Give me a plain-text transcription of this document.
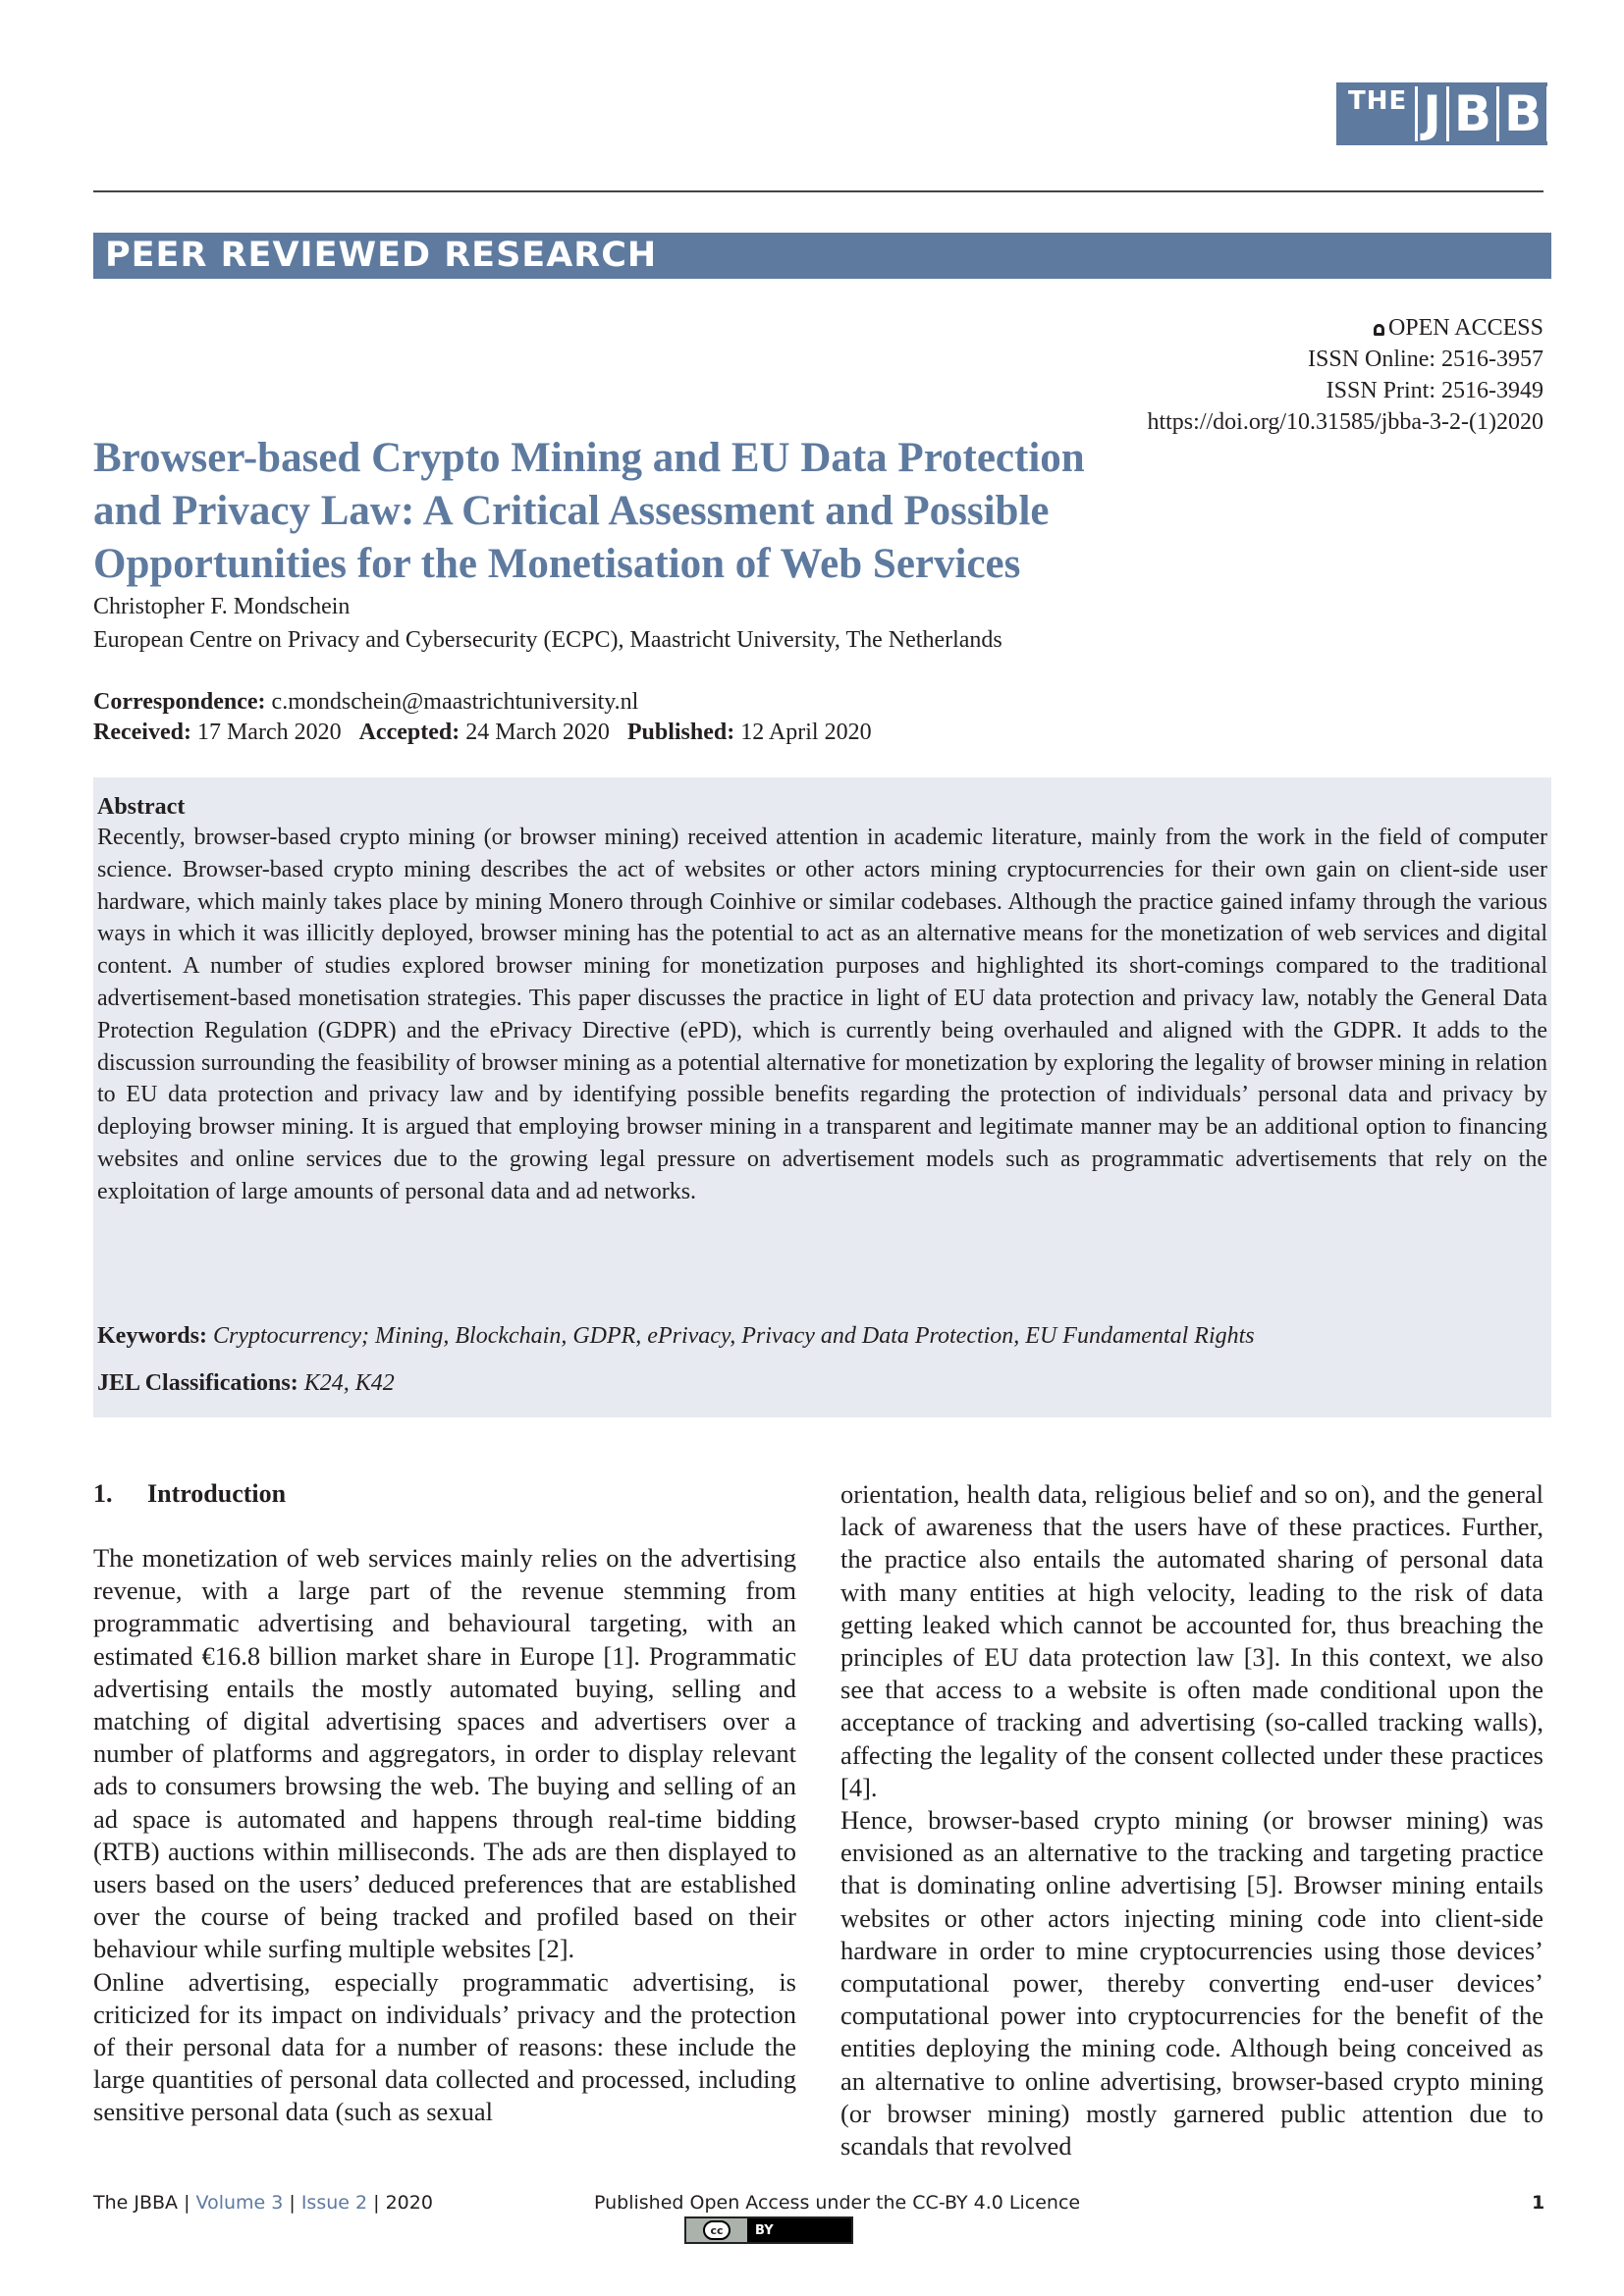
THE J B B A
PEER REVIEWED RESEARCH
OPEN ACCESS
ISSN Online: 2516-3957
ISSN Print: 2516-3949
https://doi.org/10.31585/jbba-3-2-(1)2020
Browser-based Crypto Mining and EU Data Protection
and Privacy Law: A Critical Assessment and Possible
Opportunities for the Monetisation of Web Services
Christopher F. Mondschein
European Centre on Privacy and Cybersecurity (ECPC), Maastricht University, The Netherlands
Correspondence: c.mondschein@maastrichtuniversity.nl
Received: 17 March 2020 Accepted: 24 March 2020 Published: 12 April 2020

Abstract

Recently, browser-based crypto mining (or browser mining) received attention in academic literature, mainly from the work in the field of computer science. Browser-based crypto mining describes the act of websites or other actors mining cryptocurrencies for their own gain on client-side user hardware, which mainly takes place by mining Monero through Coinhive or similar codebases. Although the practice gained infamy through the various ways in which it was illicitly deployed, browser mining has the potential to act as an alternative means for the monetization of web services and digital content. A number of studies explored browser mining for monetization purposes and highlighted its short-comings compared to the traditional advertisement-based monetisation strategies. This paper discusses the practice in light of EU data protection and privacy law, notably the General Data Protection Regulation (GDPR) and the ePrivacy Directive (ePD), which is currently being overhauled and aligned with the GDPR. It adds to the discussion surrounding the feasibility of browser mining as a potential alternative for monetization by exploring the legality of browser mining in relation to EU data protection and privacy law and by identifying possible benefits regarding the protection of individuals’ personal data and privacy by deploying browser mining. It is argued that employing browser mining in a transparent and legitimate manner may be an additional option to financing websites and online services due to the growing legal pressure on advertisement models such as programmatic advertisements that rely on the exploitation of large amounts of personal data and ad networks.

Keywords: Cryptocurrency; Mining, Blockchain, GDPR, ePrivacy, Privacy and Data Protection, EU Fundamental Rights
JEL Classifications: K24, K42

1. Introduction

The monetization of web services mainly relies on the advertising revenue, with a large part of the revenue stemming from programmatic advertising and behavioural targeting, with an estimated €16.8 billion market share in Europe [1]. Programmatic advertising entails the mostly automated buying, selling and matching of digital advertising spaces and advertisers over a number of platforms and aggregators, in order to display relevant ads to consumers browsing the web. The buying and selling of an ad space is automated and happens through real-time bidding (RTB) auctions within milliseconds. The ads are then displayed to users based on the users’ deduced preferences that are established over the course of being tracked and profiled based on their behaviour while surfing multiple websites [2].

Online advertising, especially programmatic advertising, is criticized for its impact on individuals’ privacy and the protection of their personal data for a number of reasons: these include the large quantities of personal data collected and processed, including sensitive personal data (such as sexual

orientation, health data, religious belief and so on), and the general lack of awareness that the users have of these practices. Further, the practice also entails the automated sharing of personal data with many entities at high velocity, leading to the risk of data getting leaked which cannot be accounted for, thus breaching the principles of EU data protection law [3]. In this context, we also see that access to a website is often made conditional upon the acceptance of tracking and advertising (so-called tracking walls), affecting the legality of the consent collected under these practices [4].

Hence, browser-based crypto mining (or browser mining) was envisioned as an alternative to the tracking and targeting practice that is dominating online advertising [5]. Browser mining entails websites or other actors injecting mining code into client-side hardware in order to mine cryptocurrencies using those devices’ computational power, thereby converting end-user devices’ computational power into cryptocurrencies for the benefit of the entities deploying the mining code. Although being conceived as an alternative to online advertising, browser-based crypto mining (or browser mining) mostly garnered public attention due to scandals that revolved

The JBBA | Volume 3 | Issue 2 | 2020	Published Open Access under the CC-BY 4.0 Licence	1
cc	BY
